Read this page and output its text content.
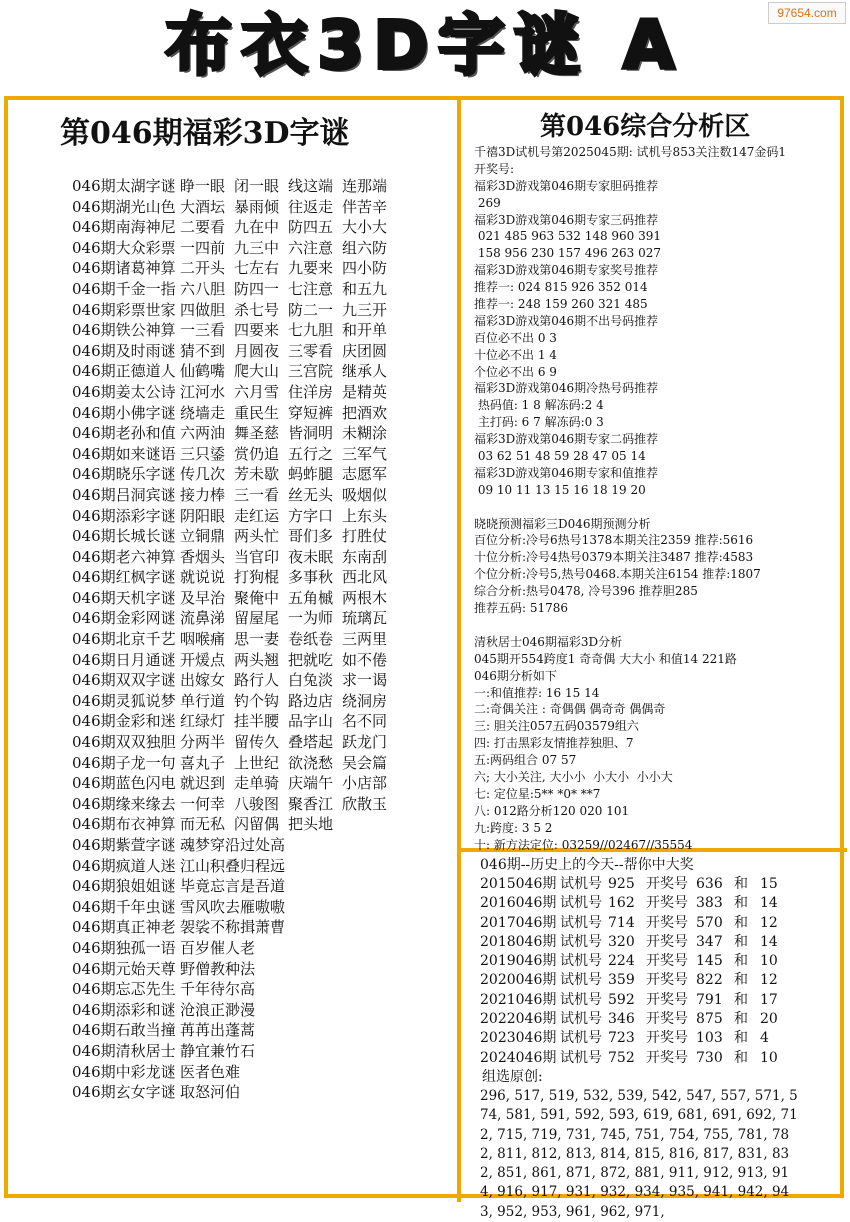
97654.com
布衣3D字谜 A
第046期福彩3D字谜
046期太湖字谜 睁一眼 闭一眼 线这端 连那端
046期湖光山色 大酒坛 暴雨倾 往返走 伴苦辛
046期南海神尼 二要看 九在中 防四五 大小大
046期大众彩票 一四前 九三中 六注意 组六防
046期诸葛神算 二开头 七左右 九要来 四小防
046期千金一指 六八胆 防四一 七注意 和五九
046期彩票世家 四做胆 杀七号 防二一 九三开
046期铁公神算 一三看 四要来 七九胆 和开单
046期及时雨谜 猜不到 月圆夜 三零看 庆团圆
046期正德道人 仙鹤嘴 爬大山 三宫院 继承人
046期姜太公诗 江河水 六月雪 住洋房 是精英
046期小佛字谜 绕墙走 重民生 穿短裤 把酒欢
046期老孙和值 六两油 舞圣慈 皆洞明 未糊涂
046期如来谜语 三只鋈 赏仍追 五行之 三军气
046期晓乐字谜 传几次 芳未歇 蚂蚱腿 志愿军
046期吕洞宾谜 接力棒 三一看 丝无头 吸烟似
046期添彩字谜 阴阳眼 走红运 方字口 上东头
046期长城长谜 立铜鼎 两头忙 哥们多 打胜仗
046期老六神算 香烟头 当官印 夜未眠 东南刮
046期红枫字谜 就说说 打狗棍 多事秋 西北风
046期天机字谜 及早治 聚俺中 五角槭 两根木
046期金彩网谜 流鼻涕 留屋尾 一为师 琉璃瓦
046期北京千艺 咽喉痛 思一妻 卷纸卷 三两里
046期日月通谜 开煖点 两头翘 把就吃 如不倦
046期双双字谜 出嫁女 路行人 白兔淡 求一谒
046期灵狐说梦 单行道 钓个钩 路边店 绕洞房
046期金彩和迷 红绿灯 挂半腰 品字山 名不同
046期双双独胆 分两半 留传久 叠塔起 跃龙门
046期子龙一句 喜丸子 上世纪 欲浇愁 吴会篇
046期蓝色闪电 就迟到 走单骑 庆端午 小店部
046期缘来缘去 一何幸 八骏图 聚香江 欣散玉
046期布衣神算 而无私 闪留偶 把头地
046期紫萱字谜 魂梦穿沿过处高
046期疯道人迷 江山积叠归程远
046期狼姐姐谜 毕竟忘言是吾道
046期千年虫谜 雪风吹去雁嗷嗷
046期真正神老 袈裟不称揖萧曹
046期独孤一语 百岁催人老
046期元始天尊 野僧教种法
046期忘忑先生 千年待尔高
046期添彩和谜 沧浪正渺漫
046期石敢当撞 苒苒出蓬蒿
046期清秋居士 静宜兼竹石
046期中彩龙谜 医者色难
046期玄女字谜 取怒河伯
第046综合分析区
千禧3D试机号第2025045期: 试机号853关注数147金码1
开奖号:
福彩3D游戏第046期专家胆码推荐
269
福彩3D游戏第046期专家三码推荐
021 485 963 532 148 960 391
158 956 230 157 496 263 027
福彩3D游戏第046期专家奖号推荐
推荐一: 024 815 926 352 014
推荐一: 248 159 260 321 485
福彩3D游戏第046期不出号码推荐
百位必不出 0 3
十位必不出 1 4
个位必不出 6 9
福彩3D游戏第046期冷热号码推荐
热码值: 1 8 解冻码:2 4
主打码: 6 7 解冻码:0 3
福彩3D游戏第046期专家二码推荐
03 62 51 48 59 28 47 05 14
福彩3D游戏第046期专家和值推荐
09 10 11 13 15 16 18 19 20
晓晓预测福彩三D046期预测分析
百位分析:冷号6热号1378本期关注2359 推荐:5616
十位分析:冷号4热号0379本期关注3487 推荐:4583
个位分析:冷号5,热号0468.本期关注6154 推荐:1807
综合分析:热号0478, 冷号396 推荐胆285
推荐五码: 51786
清秋居士046期福彩3D分析
045期开554跨度1 奇奇偶 大大小 和值14 221路
046期分析如下
一:和值推荐: 16 15 14
二:奇偶关注 : 奇偶偶 偶奇奇 偶偶奇
三: 胆关注057五码03579组六
四: 打击黑彩友情推荐独胆、7
五:两码组合 07 57
六; 大小关注, 大小小  小大小  小小大
七: 定位星:5** *0* **7
八: 012路分析120 020 101
九:跨度: 3 5 2
十: 新方法定位: 03259//02467//35554
046期--历史上的今天--帮你中大奖
2015046期 试机号 925 开奖号 636 和 15
2016046期 试机号 162 开奖号 383 和 14
2017046期 试机号 714 开奖号 570 和 12
2018046期 试机号 320 开奖号 347 和 14
2019046期 试机号 224 开奖号 145 和 10
2020046期 试机号 359 开奖号 822 和 12
2021046期 试机号 592 开奖号 791 和 17
2022046期 试机号 346 开奖号 875 和 20
2023046期 试机号 723 开奖号 103 和 4
2024046期 试机号 752 开奖号 730 和 10
组选原创:
296, 517, 519, 532, 539, 542, 547, 557, 571, 574, 581, 591, 592, 593, 619, 681, 691, 692, 712, 715, 719, 731, 745, 751, 754, 755, 781, 782, 811, 812, 813, 814, 815, 816, 817, 831, 832, 851, 861, 871, 872, 881, 911, 912, 913, 914, 916, 917, 931, 932, 934, 935, 941, 942, 943, 952, 953, 961, 962, 971,
